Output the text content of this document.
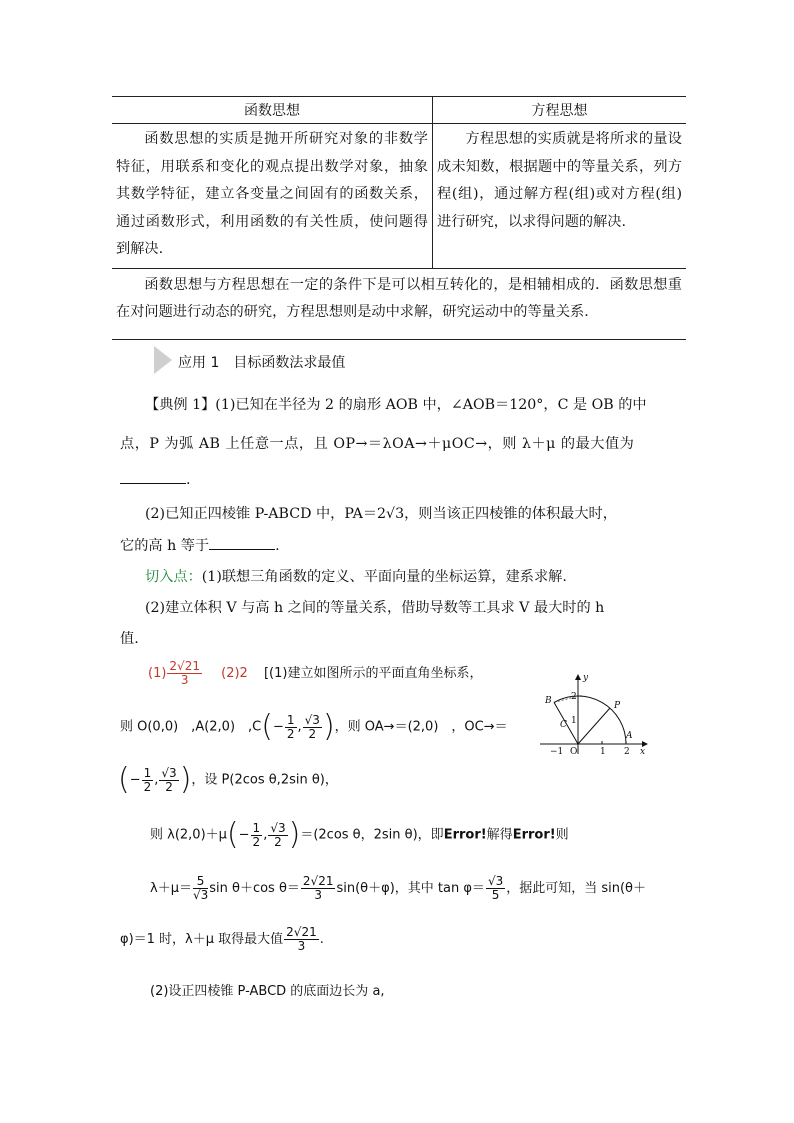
函数思想	方程思想
函数思想的实质是抛开所研究对象的非数学特征，用联系和变化的观点提出数学对象，抽象其数学特征，建立各变量之间固有的函数关系，通过函数形式，利用函数的有关性质，使问题得到解决.	方程思想的实质就是将所求的量设成未知数，根据题中的等量关系，列方程(组)，通过解方程(组)或对方程(组)进行研究，以求得问题的解决.
函数思想与方程思想在一定的条件下是可以相互转化的，是相辅相成的．函数思想重在对问题进行动态的研究，方程思想则是动中求解，研究运动中的等量关系.	
应用 1　目标函数法求最值
【典例 1】(1)已知在半径为 2 的扇形 AOB 中，∠AOB＝120°，C 是 OB 的中
点，P 为弧 AB 上任意一点，且 OP→＝λOA→＋μOC→，则 λ＋μ 的最大值为
.
(2)已知正四棱锥 P-ABCD 中，PA＝2√3，则当该正四棱锥的体积最大时，
它的高 h 等于	.
切入点：(1)联想三角函数的定义、平面向量的坐标运算，建系求解.
(2)建立体积 V 与高 h 之间的等量关系，借助导数等工具求 V 最大时的 h
值.
$(1) \frac{2√21}{3} (2)2$ [(1)建立如图所示的平面直角坐标系，
则 O(0,0)　,A(2,0)　$,C(- \frac{1}{2}$ , $\frac{√3}{2}$ )，则 OA→＝(2,0)　，OC→＝
(− $\frac{1}{2}$ , $\frac{√3}{2}$ )，设 P(2cos θ,2sin θ)，
则 $\lambda(2,0)+\mu(- \frac{1}{2}$ , $\frac{√3}{2} )=(2\cos$ θ，2sin θ)，即Error!解得Error!则
$\lambda+\mu= \frac{5}{√3}$ sin θ＋cos $\theta= \frac{2√21}{3} \sin(\theta+\varphi)$，其中 $\tan \varphi= \frac{√3}{5}$ ，据此可知，当 sin(θ＋
φ)＝1 时，λ＋μ 取得最大值 $\frac{2√21}{3}$ .
(2)设正四棱锥 P-ABCD 的底面边长为 a,
y
x
B
C
P
A
2
1
−1 O	1 2
